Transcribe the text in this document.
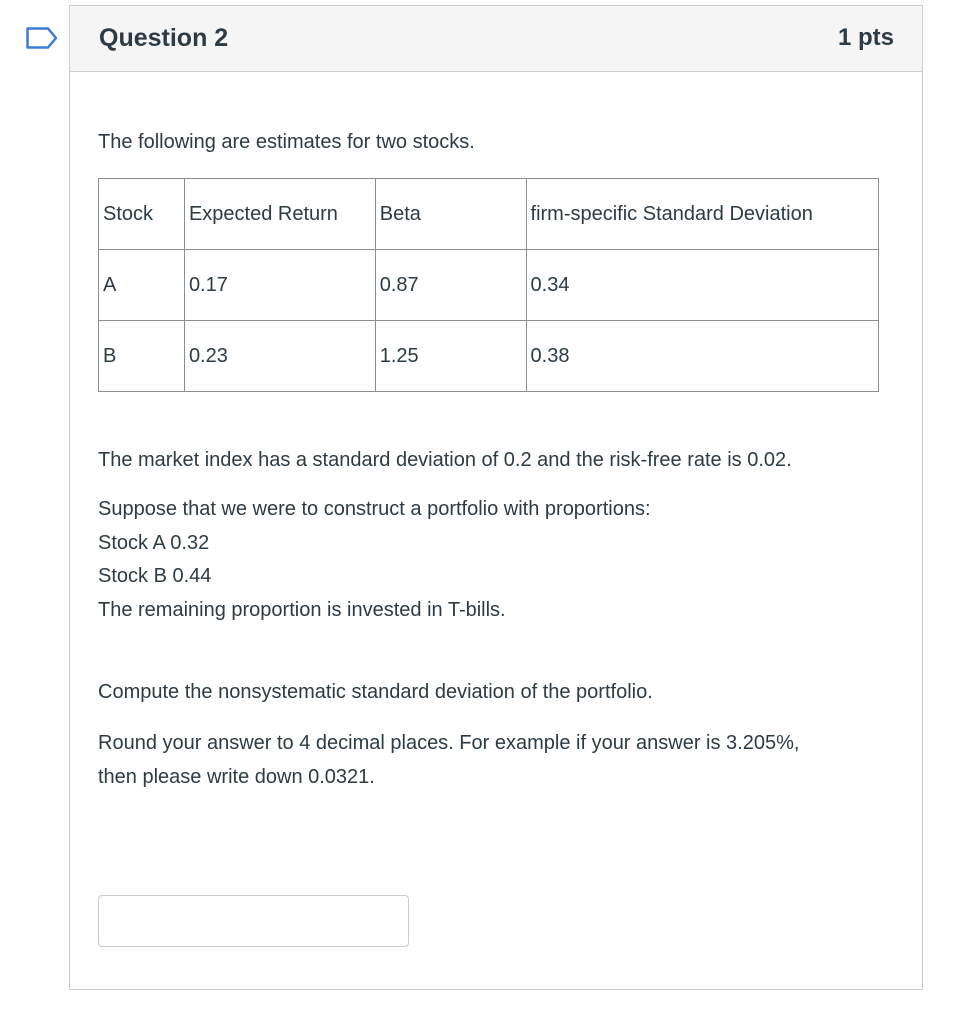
Question 2	1 pts
The following are estimates for two stocks.
Stock	Expected Return	Beta	firm-specific Standard Deviation
A	0.17	0.87	0.34
B	0.23	1.25	0.38
The market index has a standard deviation of 0.2 and the risk-free rate is 0.02.
Suppose that we were to construct a portfolio with proportions:
Stock A 0.32
Stock B 0.44
The remaining proportion is invested in T-bills.
Compute the nonsystematic standard deviation of the portfolio.
Round your answer to 4 decimal places. For example if your answer is 3.205%,
then please write down 0.0321.
